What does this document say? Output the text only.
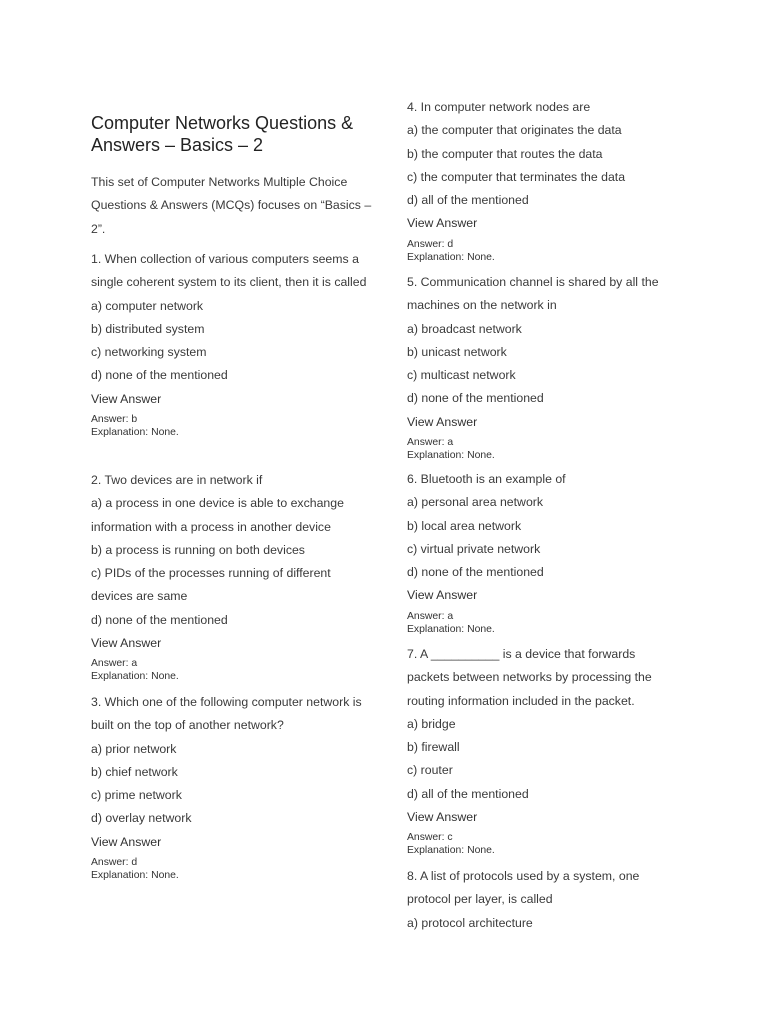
Computer Networks Questions & Answers – Basics – 2

This set of Computer Networks Multiple Choice Questions & Answers (MCQs) focuses on “Basics – 2”.

1. When collection of various computers seems a single coherent system to its client, then it is called
a) computer network
b) distributed system
c) networking system
d) none of the mentioned
View Answer
Answer: b
Explanation: None.
2. Two devices are in network if
a) a process in one device is able to exchange information with a process in another device
b) a process is running on both devices
c) PIDs of the processes running of different devices are same
d) none of the mentioned
View Answer
Answer: a
Explanation: None.
3. Which one of the following computer network is built on the top of another network?
a) prior network
b) chief network
c) prime network
d) overlay network
View Answer
Answer: d
Explanation: None.
4. In computer network nodes are
a) the computer that originates the data
b) the computer that routes the data
c) the computer that terminates the data
d) all of the mentioned
View Answer
Answer: d
Explanation: None.
5. Communication channel is shared by all the machines on the network in
a) broadcast network
b) unicast network
c) multicast network
d) none of the mentioned
View Answer
Answer: a
Explanation: None.
6. Bluetooth is an example of
a) personal area network
b) local area network
c) virtual private network
d) none of the mentioned
View Answer
Answer: a
Explanation: None.
7. A __________ is a device that forwards packets between networks by processing the routing information included in the packet.
a) bridge
b) firewall
c) router
d) all of the mentioned
View Answer
Answer: c
Explanation: None.
8. A list of protocols used by a system, one protocol per layer, is called
a) protocol architecture
